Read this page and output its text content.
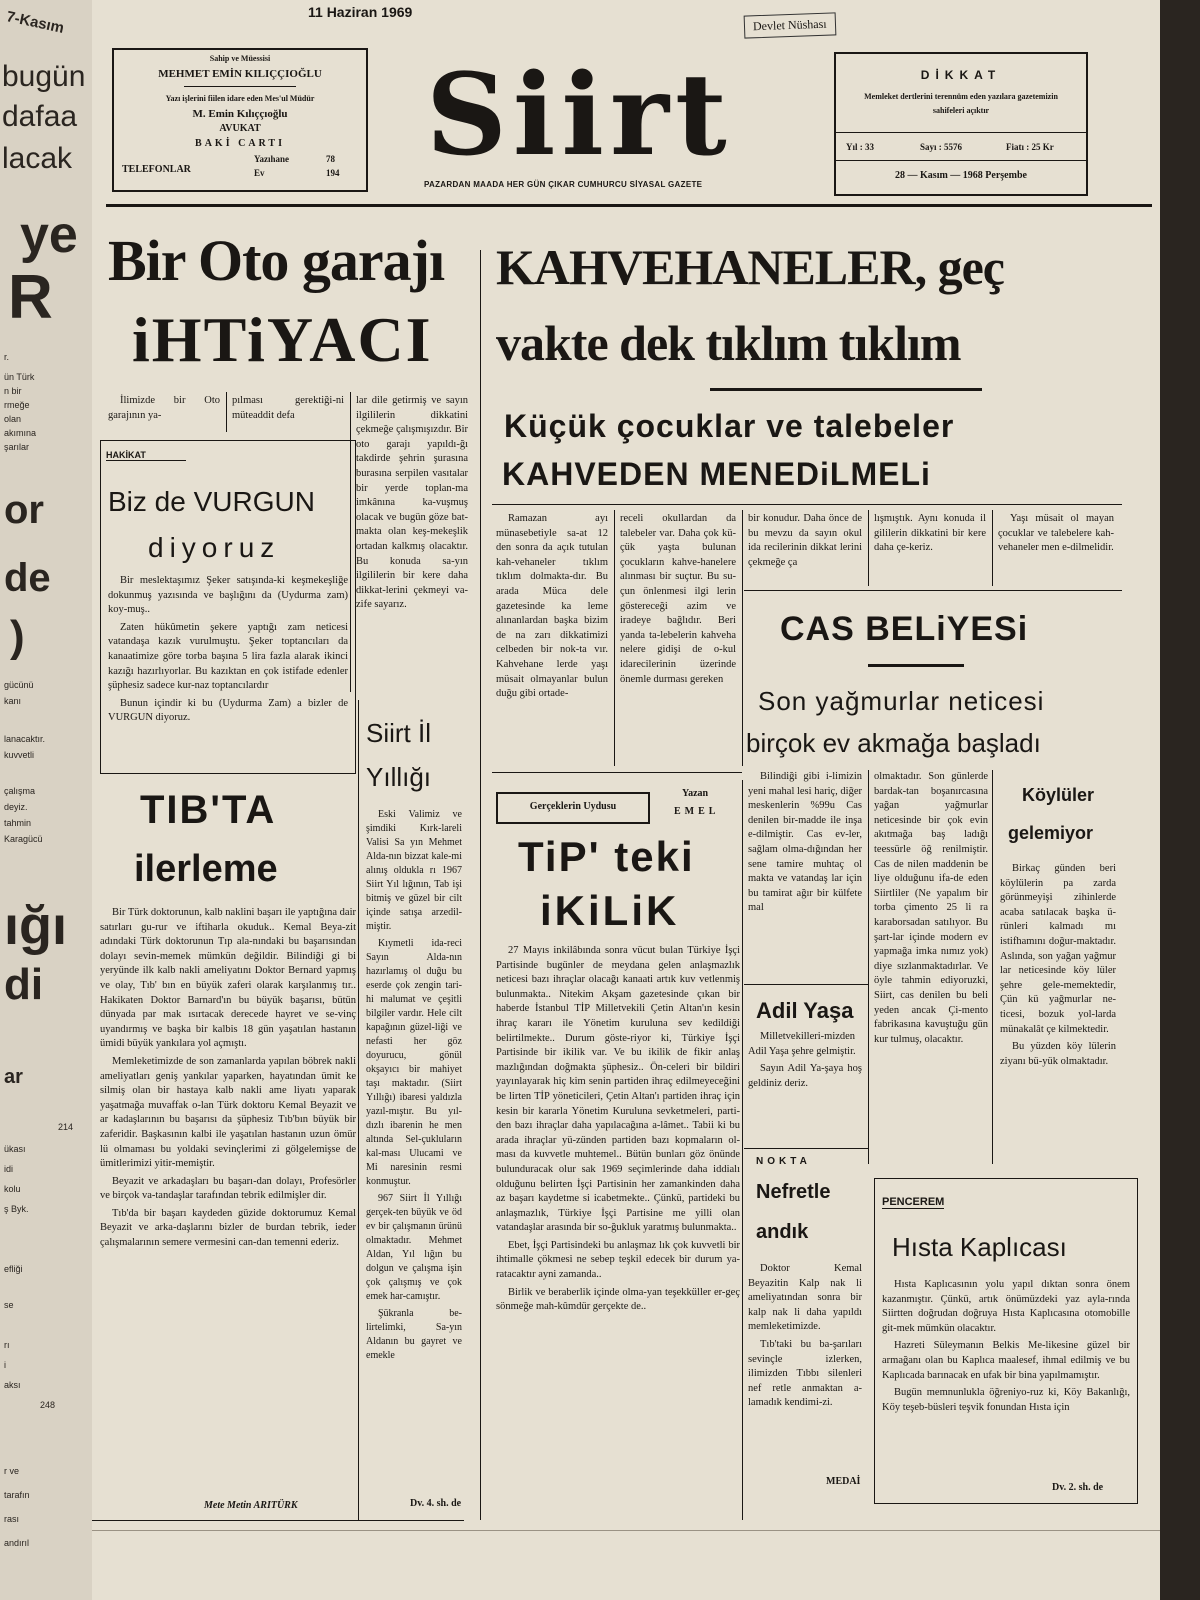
7-Kasım
bugün
dafaa
lacak
ye
R
r.
ün Türk
n bir
rmeğe
olan
akımına
şarılar
or
de
)
gücünü
kanı
lanacaktır.
kuvvetli
çalışma
deyiz.
tahmin
Karagücü
ığı
di
ar
214
ükası
idi
kolu
ş Byk.
efliği
se
rı
i
aksı
248
r ve
tarafın
rası
andırıl
11 Haziran 1969
Devlet Nüshası
Sahip ve Müessisi
MEHMET EMİN KILIÇÇIOĞLU
Yazı işlerini fiilen idare eden Mes'ul Müdür
M. Emin Kılıççıoğlu
AVUKAT
BAKİ CARTI
TELEFONLAR
Yazıhane	78
Ev	194 Siirt
PAZARDAN MAADA HER GÜN ÇIKAR CUMHURCU SİYASAL GAZETE
DİKKAT
Memleket dertlerini terennüm eden yazılara gazetemizin sahifeleri açıktır
Yıl : 33	Sayı : 5576	Fiatı : 25 Kr
28 — Kasım — 1968 Perşembe
Bir Oto garajı
iHTiYACI

İlimizde bir Oto garajının ya-

pılması gerektiği-ni müteaddit defa

lar dile getirmiş ve sayın ilgililerin dikkatini çekmeğe çalışmışızdır. Bir oto garajı yapıldı-ğı takdirde şehrin şurasına burasına serpilen vasıtalar bir yerde toplan-ma imkânına ka-vuşmuş olacak ve bugün göze bat-makta olan keş-mekeşlik ortadan kalkmış olacaktır. Bu konuda sa-yın ilgililerin bir kere daha dikkat-lerini çekmeyi va-zife sayarız.

HAKİKAT
Biz de VURGUN
diyoruz

Bir meslektaşımız Şeker satışında-ki keşmekeşliğe dokunmuş yazısında ve başlığını da (Uydurma zam) koy-muş..

Zaten hükûmetin şekere yaptığı zam neticesi vatandaşa kazık vurulmuştu. Şeker toptancıları da kanaatimize göre torba başına 5 lira fazla alarak ikinci kazığı hazırlıyorlar. Bu kazıktan en çok istifade edenler şüphesiz sadece kur-naz toptancılardır

Bunun içindir ki bu (Uydurma Zam) a bizler de VURGUN diyoruz.

TIB'TA
ilerleme

Bir Türk doktorunun, kalb naklini başarı ile yaptığına dair satırları gu-rur ve iftiharla okuduk.. Kemal Beya-zit adındaki Türk doktorunun Tıp ala-nındaki bu başarısından dolayı sevin-memek mümkün değildir. Bilindiği gi bi yeryünde ilk kalb nakli ameliyatını Doktor Bernard yapmış ve olay, Tıb' bın en büyük zaferi olarak karşılanmış tır.. Hakikaten Doktor Barnard'ın bu büyük başarısı, bütün dünyada par mak ısırtacak derecede hayret ve se-vinç uyandırmış ve başka bir kalbis 18 gün yaşatılan hastanın ümidi büyük yankılara yol açmıştı.

Memleketimizde de son zamanlarda yapılan böbrek nakli ameliyatları geniş yankılar yaparken, hayatından ümit ke silmiş olan bir hastaya kalb nakli ame liyatı yaparak yaşatmağa muvaffak o-lan Türk doktoru Kemal Beyazit ve ar kadaşlarının bu başarısı da şüphesiz Tıb'bın büyük bir zaferidir. Başkasının kalbi ile yaşatılan hastanın uzun ömür lü olmaması bu yoldaki sevinçlerimi zi gölgelemişse de ümitlerimizi yitir-memiştir.

Beyazit ve arkadaşları bu başarı-dan dolayı, Profesörler ve birçok va-tandaşlar tarafından tebrik edilmişler dir.

Tıb'da bir başarı kaydeden güzide doktorumuz Kemal Beyazit ve arka-daşlarını bizler de burdan tebrik, ieder çalışmalarının semere vermesini can-dan temenni ederiz.

Mete Metin ARITÜRK
Siirt İl
Yıllığı

Eski Valimiz ve şimdiki Kırk-lareli Valisi Sa yın Mehmet Alda-nın bizzat kale-mi alınış oldukla rı 1967 Siirt Yıl lığının, Tab işi bitmiş ve güzel bir cilt içinde satışa arzedil-miştir.

Kıymetli ida-reci Sayın Alda-nın hazırlamış ol duğu bu eserde çok zengin tari-hi malumat ve çeşitli bilgiler vardır. Hele cilt kapağının güzel-liği ve nefasti her göz doyurucu, gönül okşayıcı bir mahiyet taşı maktadır. (Siirt Yıllığı) ibaresi yaldızla yazıl-mıştır. Bu yıl-dızlı ibarenin he men altında Sel-çukluların kal-ması Ulucami ve Mi naresinin resmi konmuştur.

967 Siirt İl Yıllığı gerçek-ten büyük ve öd ev bir çalışmanın ürünü olmaktadır. Mehmet Aldan, Yıl lığın bu dolgun ve çalışma işin çok çalışmış ve çok emek har-camıştır.

Şükranla be-lirtelimki, Sa-yın Aldanın bu gayret ve emekle

Dv. 4. sh. de
KAHVEHANELER, geç
vakte dek tıklım tıklım
Küçük çocuklar ve talebeler
KAHVEDEN MENEDiLMELi

Ramazan ayı münasebetiyle sa-at 12 den sonra da açık tutulan kah-vehaneler tıklım tıklım dolmakta-dır. Bu arada Müca dele gazetesinde ka leme alınanlardan başka bizim de na zarı dikkatimizi celbeden bir nok-ta vır. Kahvehane lerde yaşı müsait olmayanlar bulun duğu gibi ortade-

receli okullardan da talebeler var. Daha çok kü-çük yaşta bulunan çocukların kahve-hanelere alınması bir suçtur. Bu su-çun önlenmesi ilgi lerin göstereceği azim ve iradeye bağlıdır. Beri yanda ta-lebelerin kahveha nelere gidişi de o-kul idarecilerinin üzerinde önemle durması gereken

bir konudur. Daha önce de bu mevzu da sayın okul ida recilerinin dikkat lerini çekmeğe ça

lışmıştık. Aynı konuda il gililerin dikkatini bir kere daha çe-keriz.

Yaşı müsait ol mayan çocuklar ve talebelere kah-vehaneler men e-dilmelidir.

CAS BELiYESi
Son yağmurlar neticesi
birçok ev akmağa başladı

Bilindiği gibi i-limizin yeni mahal lesi hariç, diğer meskenlerin %99u Cas denilen bir-madde ile inşa e-dilmiştir. Cas ev-ler, sağlam olma-dığından her sene tamire muhtaç ol makta ve vatandaş lar için bu tamirat ağır bir külfete mal

olmaktadır. Son günlerde bardak-tan boşanırcasına yağan yağmurlar neticesinde bir çok evin akıtmağa baş ladığı teessürle öğ renilmiştir. Cas de nilen maddenin be liye olduğunu ifa-de eden Siirtliler (Ne yapalım bir torba çimento 25 li ra karaborsadan satılıyor. Bu şart-lar içinde modern ev yapmağa imka nımız yok) diye sızlanmaktadırlar. Ve öyle tahmin ediyoruzki, Siirt, cas denilen bu beli yeden ancak Çi-mento fabrikasına kavuştuğu gün kur tulmuş, olacaktır.

Gerçeklerin Uydusu
Yazan
EMEL
TiP' teki
iKiLiK

27 Mayıs inkilâbında sonra vücut bulan Türkiye İşçi Partisinde bugünler de meydana gelen anlaşmazlık neticesi bazı ihraçlar olacağı kanaati artık kuv vetlenmiş bulunmakta.. Nitekim Akşam gazetesinde çıkan bir haberde İstanbul TİP Milletvekili Çetin Altan'ın kesin ihraç kararı ile Yönetim kuruluna sev kedildiği belirtilmekte.. Durum göste-riyor ki, Türkiye İşçi Partisinde bir ikilik var. Ve bu ikilik de fikir anlaş mazlığından doğmakta şüphesiz.. Ön-celeri bir bildiri yayınlayarak hiç kim senin partiden ihraç edilmeyeceğini be lirten TİP yöneticileri, Çetin Altan'ı partiden ihraç için kesin bir kararla Yönetim Kuruluna sevketmeleri, parti-den bazı ihraçlar daha yapılacağına a-lâmet.. Tabii ki bu arada ihraçlar yü-zünden partiden bazı kopmaların ol-ması da kuvvetle muhtemel.. Bütün bunları göz önünde bulunduracak olur sak 1969 seçimlerinde daha iddialı olduğunu belirten İşçi Partisinin her zamankinden daha az başarı kaydetme si icabetmekte.. Çünkü, partideki bu anlaşmazlık, Türkiye İşçi Partisine me yilli olan vatandaşlar arasında bir so-ğukluk yaratmış bulunmakta..

Ebet, İşçi Partisindeki bu anlaşmaz lık çok kuvvetli bir ihtimalle çökmesi ne sebep teşkil edecek bir durum ya-ratacaktır ayni zamanda..

Birlik ve beraberlik içinde olma-yan teşekküller er-geç sönmeğe mah-kûmdür gerçekte de..

Adil Yaşa

Milletvekilleri-mizden Adil Yaşa şehre gelmiştir.

Sayın Adil Ya-şaya hoş geldiniz deriz.

NOKTA
Nefretle
andık

Doktor Kemal Beyazitin Kalp nak li ameliyatından sonra bir kalp nak li daha yapıldı memleketimizde.

Tıb'taki bu ba-şarıları sevinçle izlerken, ilimizden Tıbbı silenleri nef retle anmaktan a-lamadık kendimi-zi.

MEDAİ
Köylüler
gelemiyor

Birkaç günden beri köylülerin pa zarda görünmeyişi zihinlerde acaba satılacak başka ü-rünleri kalmadı mı istifhamını doğur-maktadır. Aslında, son yağan yağmur lar neticesinde köy lüler şehre gele-memektedir, Çün kü yağmurlar ne-ticesi, bozuk yol-larda münakalât çe kilmektedir.

Bu yüzden köy lülerin ziyanı bü-yük olmaktadır.

PENCEREM
Hısta Kaplıcası

Hısta Kaplıcasının yolu yapıl dıktan sonra önem kazanmıştır. Çünkü, artık önümüzdeki yaz ayla-rında Siirtten doğrudan doğruya Hısta Kaplıcasına otomobille git-mek mümkün olacaktır.

Hazreti Süleymanın Belkis Me-likesine güzel bir armağanı olan bu Kaplıca maalesef, ihmal edilmiş ve bu Kaplıcada barınacak en ufak bir bina yapılmamıştır.

Bugün memnunlukla öğreniyo-ruz ki, Köy Bakanlığı, Köy teşeb-büsleri teşvik fonundan Hısta için

Dv. 2. sh. de
